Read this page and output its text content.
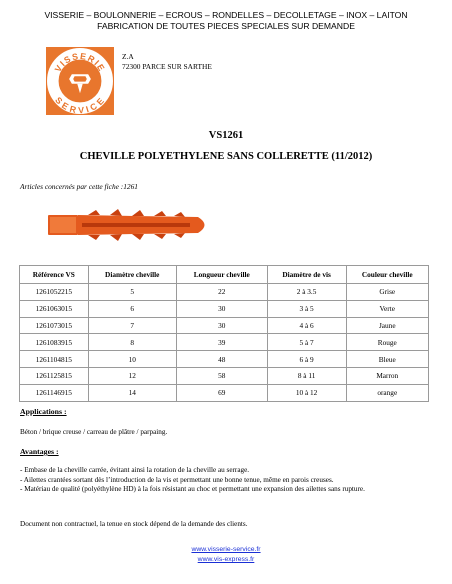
VISSERIE – BOULONNERIE – ECROUS – RONDELLES – DECOLLETAGE – INOX – LAITON
FABRICATION DE TOUTES PIECES SPECIALES SUR DEMANDE
VISSERIE
SERVICE
Z.A
72300 PARCE SUR SARTHE
VS1261
CHEVILLE POLYETHYLENE SANS COLLERETTE (11/2012)
Articles concernés par cette fiche :1261
Référence VS	Diamètre cheville	Longueur cheville	Diamètre de vis	Couleur cheville
1261052215	5	22	2 à 3.5	Grise
1261063015	6	30	3 à 5	Verte
1261073015	7	30	4 à 6	Jaune
1261083915	8	39	5 à 7	Rouge
1261104815	10	48	6 à 9	Bleue
1261125815	12	58	8 à 11	Marron
1261146915	14	69	10 à 12	orange
Applications :
Béton / brique creuse / carreau de plâtre / parpaing.
Avantages :
- Embase de la cheville carrée, évitant ainsi la rotation de la cheville au serrage.
- Ailettes crantées sortant dès l’introduction de la vis et permettant une bonne tenue, même en parois creuses.
- Matériau de qualité (polyéthylène HD) à la fois résistant au choc et permettant une expansion des ailettes sans rupture.
Document non contractuel, la tenue en stock dépend de la demande des clients.
www.visserie-service.fr
www.vis-express.fr
